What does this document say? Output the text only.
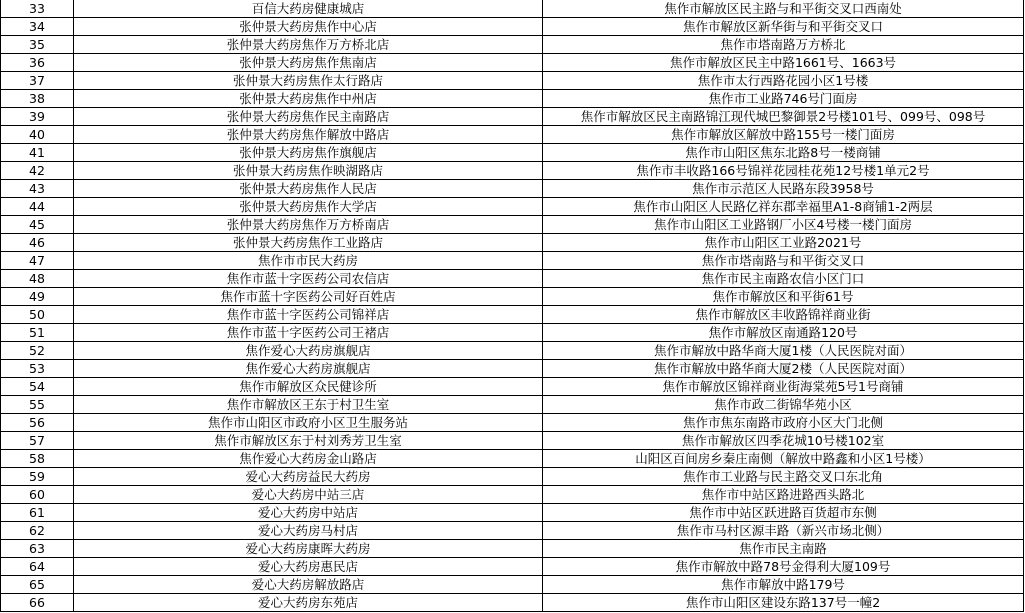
33	百信大药房健康城店	焦作市解放区民主路与和平街交叉口西南处
34	张仲景大药房焦作中心店	焦作市解放区新华街与和平街交叉口
35	张仲景大药房焦作万方桥北店	焦作市塔南路万方桥北
36	张仲景大药房焦作焦南店	焦作市解放区民主中路1661号、1663号
37	张仲景大药房焦作太行路店	焦作市太行西路花园小区1号楼
38	张仲景大药房焦作中州店	焦作市工业路746号门面房
39	张仲景大药房焦作民主南路店	焦作市解放区民主南路锦江现代城巴黎御景2号楼101号、099号、098号
40	张仲景大药房焦作解放中路店	焦作市解放区解放中路155号一楼门面房
41	张仲景大药房焦作旗舰店	焦作市山阳区焦东北路8号一楼商铺
42	张仲景大药房焦作映湖路店	焦作市丰收路166号锦祥花园桂花苑12号楼1单元2号
43	张仲景大药房焦作人民店	焦作市示范区人民路东段3958号
44	张仲景大药房焦作大学店	焦作市山阳区人民路亿祥东郡幸福里A1-8商铺1-2两层
45	张仲景大药房焦作万方桥南店	焦作市山阳区工业路钢厂小区4号楼一楼门面房
46	张仲景大药房焦作工业路店	焦作市山阳区工业路2021号
47	焦作市市民大药房	焦作市塔南路与和平街交叉口
48	焦作市蓝十字医药公司农信店	焦作市民主南路农信小区门口
49	焦作市蓝十字医药公司好百姓店	焦作市解放区和平街61号
50	焦作市蓝十字医药公司锦祥店	焦作市解放区丰收路锦祥商业街
51	焦作市蓝十字医药公司王褚店	焦作市解放区南通路120号
52	焦作爱心大药房旗舰店	焦作市解放中路华商大厦1楼（人民医院对面）
53	焦作爱心大药房旗舰店	焦作市解放中路华商大厦2楼（人民医院对面）
54	焦作市解放区众民健诊所	焦作市解放区锦祥商业街海棠苑5号1号商铺
55	焦作市解放区王东于村卫生室	焦作市政二街锦华苑小区
56	焦作市山阳区市政府小区卫生服务站	焦作市焦东南路市政府小区大门北侧
57	焦作市解放区东于村刘秀芳卫生室	焦作市解放区四季花城10号楼102室
58	焦作爱心大药房金山路店	山阳区百间房乡秦庄南侧（解放中路鑫和小区1号楼）
59	爱心大药房益民大药房	焦作市工业路与民主路交叉口东北角
60	爱心大药房中站三店	焦作市中站区路进路西头路北
61	爱心大药房中站店	焦作市中站区跃进路百货超市东侧
62	爱心大药房马村店	焦作市马村区源丰路（新兴市场北侧）
63	爱心大药房康晖大药房	焦作市民主南路
64	爱心大药房惠民店	焦作市解放中路78号金得利大厦109号
65	爱心大药房解放路店	焦作市解放中路179号
66	爱心大药房东苑店	焦作市山阳区建设东路137号一幢2
